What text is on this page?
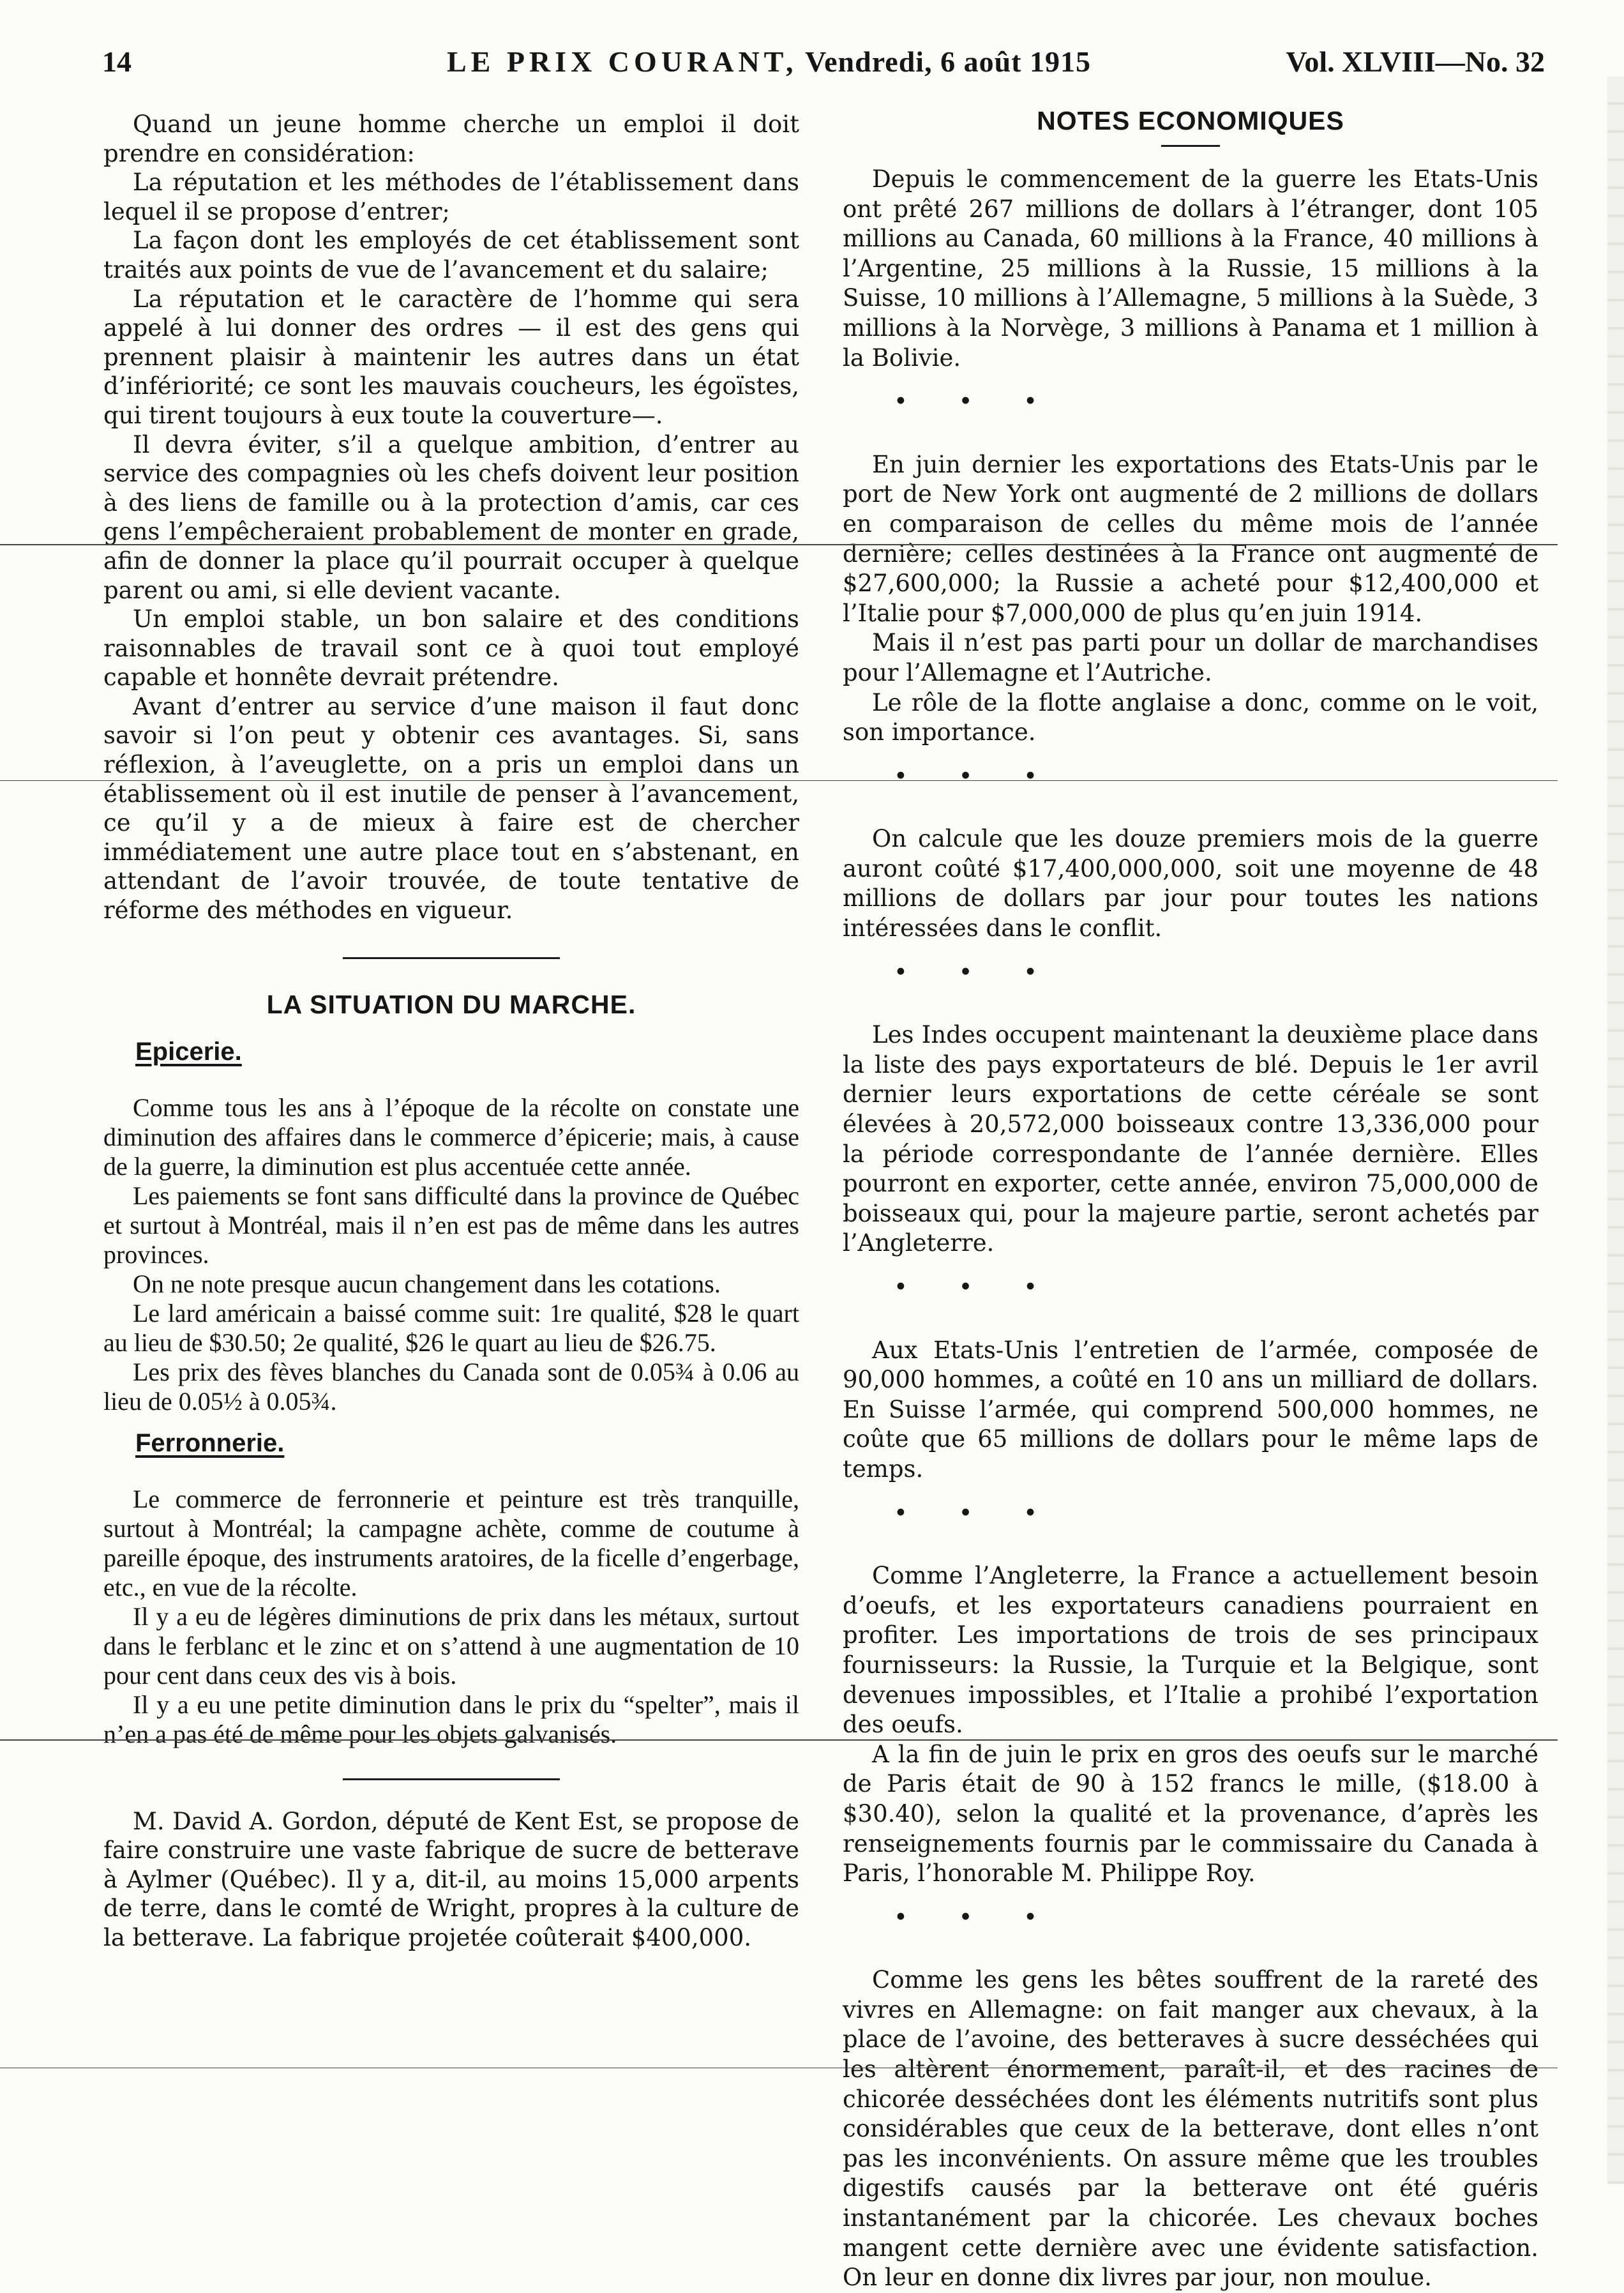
14	LE PRIX COURANT, Vendredi, 6 août 1915	Vol. XLVIII—No. 32

Quand un jeune homme cherche un emploi il doit prendre en considération:

La réputation et les méthodes de l’établissement dans lequel il se propose d’entrer;

La façon dont les employés de cet établissement sont traités aux points de vue de l’avancement et du salaire;

La réputation et le caractère de l’homme qui sera appelé à lui donner des ordres — il est des gens qui prennent plaisir à maintenir les autres dans un état d’infériorité; ce sont les mauvais coucheurs, les égoïstes, qui tirent toujours à eux toute la couverture—.

Il devra éviter, s’il a quelque ambition, d’entrer au service des compagnies où les chefs doivent leur position à des liens de famille ou à la protection d’amis, car ces gens l’empêcheraient probablement de monter en grade, afin de donner la place qu’il pourrait occuper à quelque parent ou ami, si elle devient vacante.

Un emploi stable, un bon salaire et des conditions raisonnables de travail sont ce à quoi tout employé capable et honnête devrait prétendre.

Avant d’entrer au service d’une maison il faut donc savoir si l’on peut y obtenir ces avantages. Si, sans réflexion, à l’aveuglette, on a pris un emploi dans un établissement où il est inutile de penser à l’avancement, ce qu’il y a de mieux à faire est de chercher immédiatement une autre place tout en s’abstenant, en attendant de l’avoir trouvée, de toute tentative de réforme des méthodes en vigueur.

LA SITUATION DU MARCHE.
Epicerie.

Comme tous les ans à l’époque de la récolte on constate une diminution des affaires dans le commerce d’épicerie; mais, à cause de la guerre, la diminution est plus accentuée cette année.

Les paiements se font sans difficulté dans la province de Québec et surtout à Montréal, mais il n’en est pas de même dans les autres provinces.

On ne note presque aucun changement dans les cotations.

Le lard américain a baissé comme suit: 1re qualité, $28 le quart au lieu de $30.50; 2e qualité, $26 le quart au lieu de $26.75.

Les prix des fèves blanches du Canada sont de 0.05¾ à 0.06 au lieu de 0.05½ à 0.05¾.

Ferronnerie.

Le commerce de ferronnerie et peinture est très tranquille, surtout à Montréal; la campagne achète, comme de coutume à pareille époque, des instruments aratoires, de la ficelle d’engerbage, etc., en vue de la récolte.

Il y a eu de légères diminutions de prix dans les métaux, surtout dans le ferblanc et le zinc et on s’attend à une augmentation de 10 pour cent dans ceux des vis à bois.

Il y a eu une petite diminution dans le prix du “spelter”, mais il n’en a pas été de même pour les objets galvanisés.

M. David A. Gordon, député de Kent Est, se propose de faire construire une vaste fabrique de sucre de betterave à Aylmer (Québec). Il y a, dit-il, au moins 15,000 arpents de terre, dans le comté de Wright, propres à la culture de la betterave. La fabrique projetée coûterait $400,000.

NOTES ECONOMIQUES

Depuis le commencement de la guerre les Etats-Unis ont prêté 267 millions de dollars à l’étranger, dont 105 millions au Canada, 60 millions à la France, 40 millions à l’Argentine, 25 millions à la Russie, 15 millions à la Suisse, 10 millions à l’Allemagne, 5 millions à la Suède, 3 millions à la Norvège, 3 millions à Panama et 1 million à la Bolivie.

• • •

En juin dernier les exportations des Etats-Unis par le port de New York ont augmenté de 2 millions de dollars en comparaison de celles du même mois de l’année dernière; celles destinées à la France ont augmenté de $27,600,000; la Russie a acheté pour $12,400,000 et l’Italie pour $7,000,000 de plus qu’en juin 1914.

Mais il n’est pas parti pour un dollar de marchandises pour l’Allemagne et l’Autriche.

Le rôle de la flotte anglaise a donc, comme on le voit, son importance.

• • •

On calcule que les douze premiers mois de la guerre auront coûté $17,400,000,000, soit une moyenne de 48 millions de dollars par jour pour toutes les nations intéressées dans le conflit.

• • •

Les Indes occupent maintenant la deuxième place dans la liste des pays exportateurs de blé. Depuis le 1er avril dernier leurs exportations de cette céréale se sont élevées à 20,572,000 boisseaux contre 13,336,000 pour la période correspondante de l’année dernière. Elles pourront en exporter, cette année, environ 75,000,000 de boisseaux qui, pour la majeure partie, seront achetés par l’Angleterre.

• • •

Aux Etats-Unis l’entretien de l’armée, composée de 90,000 hommes, a coûté en 10 ans un milliard de dollars. En Suisse l’armée, qui comprend 500,000 hommes, ne coûte que 65 millions de dollars pour le même laps de temps.

• • •

Comme l’Angleterre, la France a actuellement besoin d’oeufs, et les exportateurs canadiens pourraient en profiter. Les importations de trois de ses principaux fournisseurs: la Russie, la Turquie et la Belgique, sont devenues impossibles, et l’Italie a prohibé l’exportation des oeufs.

A la fin de juin le prix en gros des oeufs sur le marché de Paris était de 90 à 152 francs le mille, ($18.00 à $30.40), selon la qualité et la provenance, d’après les renseignements fournis par le commissaire du Canada à Paris, l’honorable M. Philippe Roy.

• • •

Comme les gens les bêtes souffrent de la rareté des vivres en Allemagne: on fait manger aux chevaux, à la place de l’avoine, des betteraves à sucre desséchées qui les altèrent énormement, paraît-il, et des racines de chicorée desséchées dont les éléments nutritifs sont plus considérables que ceux de la betterave, dont elles n’ont pas les inconvénients. On assure même que les troubles digestifs causés par la betterave ont été guéris instantanément par la chicorée. Les chevaux boches mangent cette dernière avec une évidente satisfaction. On leur en donne dix livres par jour, non moulue.
